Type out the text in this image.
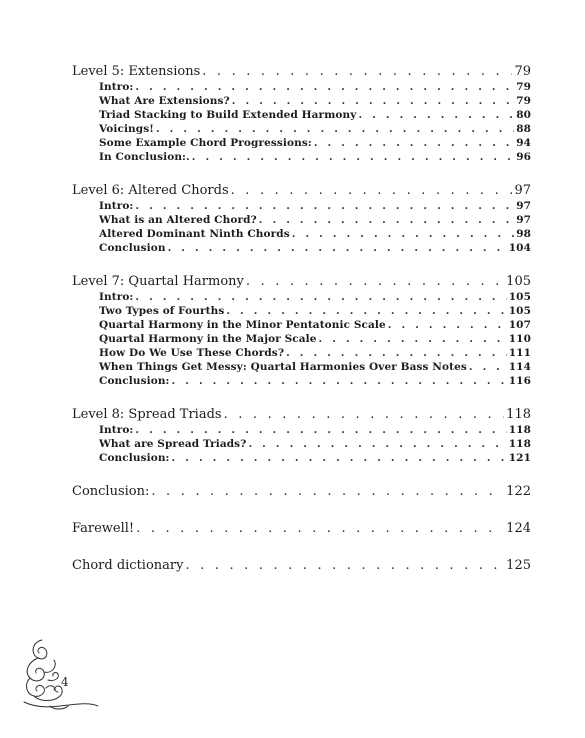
Level 5: Extensions . . .	79
Intro: . . .	79
What Are Extensions? . . .	79
Triad Stacking to Build Extended Harmony . . .	80
Voicings! . . .	88
Some Example Chord Progressions: . . .	94
In Conclusion:. . . .	96
Level 6: Altered Chords . . .	97
Intro: . . .	97
What is an Altered Chord? . . .	97
Altered Dominant Ninth Chords . . .	98
Conclusion . . .	104
Level 7: Quartal Harmony . . .	105
Intro: . . .	105
Two Types of Fourths . . .	105
Quartal Harmony in the Minor Pentatonic Scale . . .	107
Quartal Harmony in the Major Scale . . .	110
How Do We Use These Chords? . . .	111
When Things Get Messy: Quartal Harmonies Over Bass Notes . . .	114
Conclusion: . . .	116
Level 8: Spread Triads . . .	118
Intro: . . .	118
What are Spread Triads? . . .	118
Conclusion: . . .	121
Conclusion: . . .	122
Farewell! . . .	124
Chord dictionary . . .	125
4
